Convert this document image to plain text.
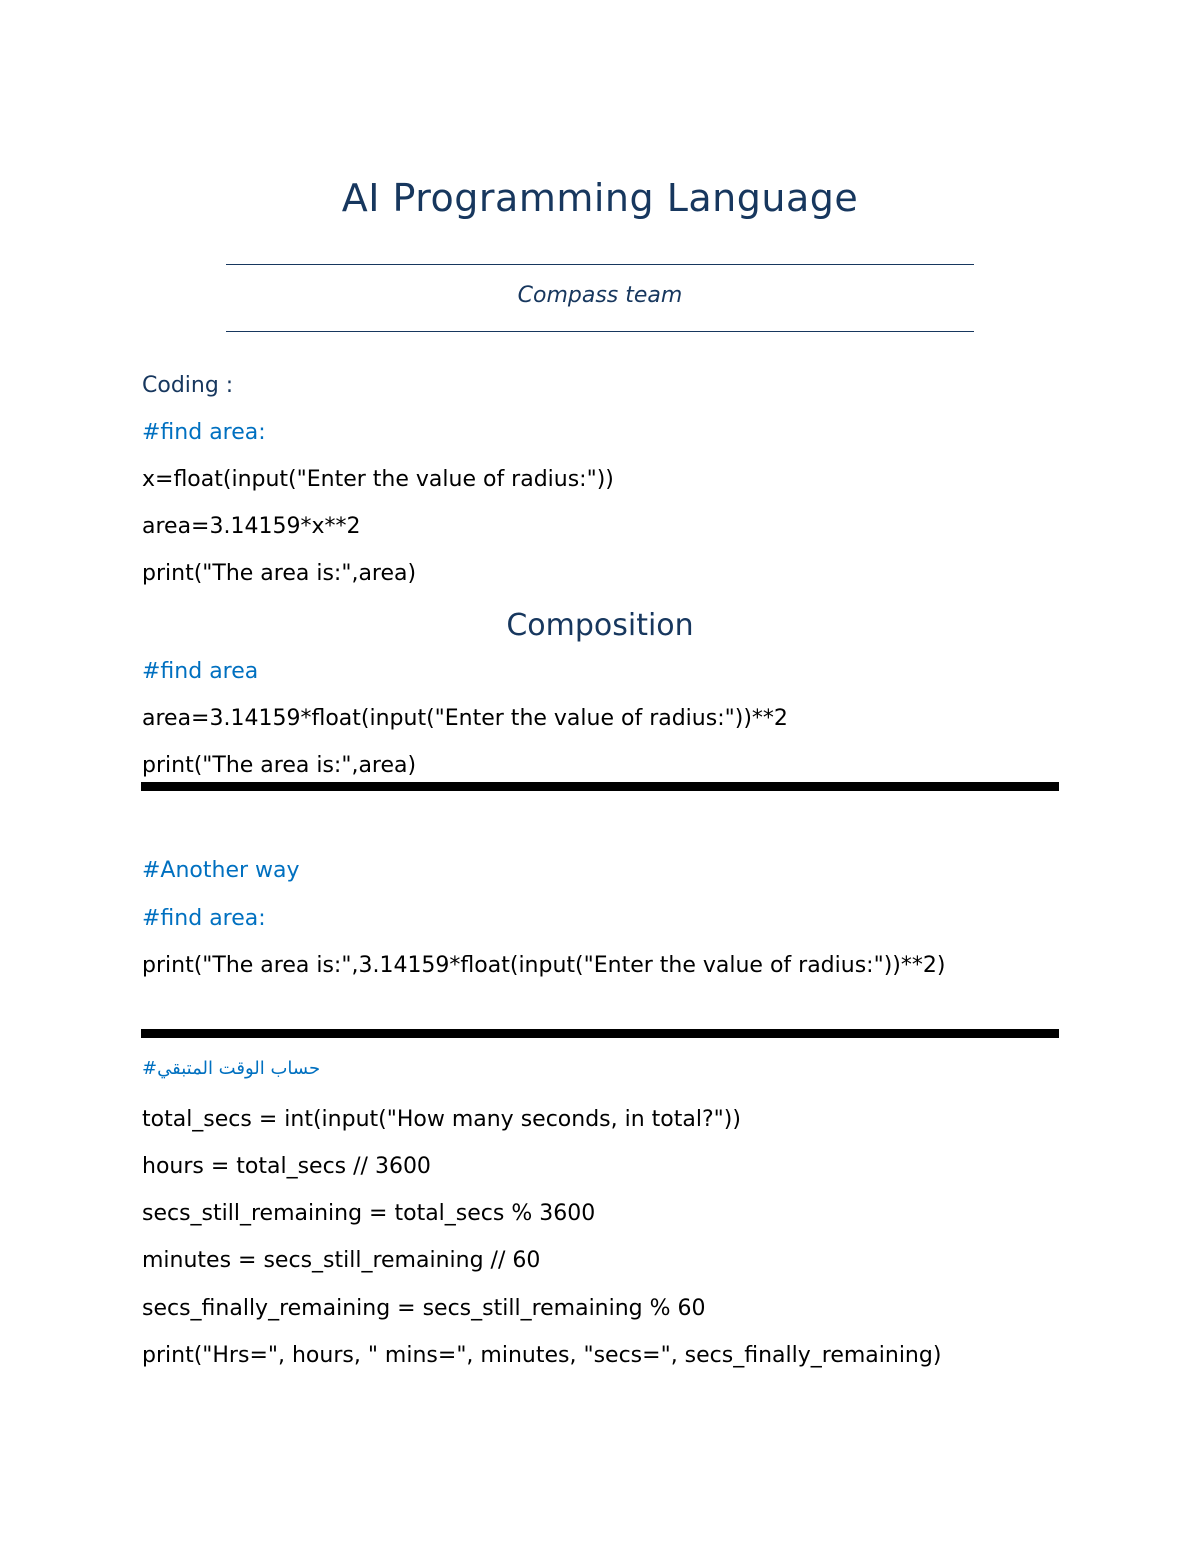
AI Programming Language
Compass team
Coding :
#find area:
x=float(input("Enter the value of radius:"))
area=3.14159*x**2
print("The area is:",area)
Composition
#find area
area=3.14159*float(input("Enter the value of radius:"))**2
print("The area is:",area)
#Another way
#find area:
print("The area is:",3.14159*float(input("Enter the value of radius:"))**2)
#حساب الوقت المتبقي
total_secs = int(input("How many seconds, in total?"))
hours = total_secs // 3600
secs_still_remaining = total_secs % 3600
minutes = secs_still_remaining // 60
secs_finally_remaining = secs_still_remaining % 60
print("Hrs=", hours, " mins=", minutes, "secs=", secs_finally_remaining)
